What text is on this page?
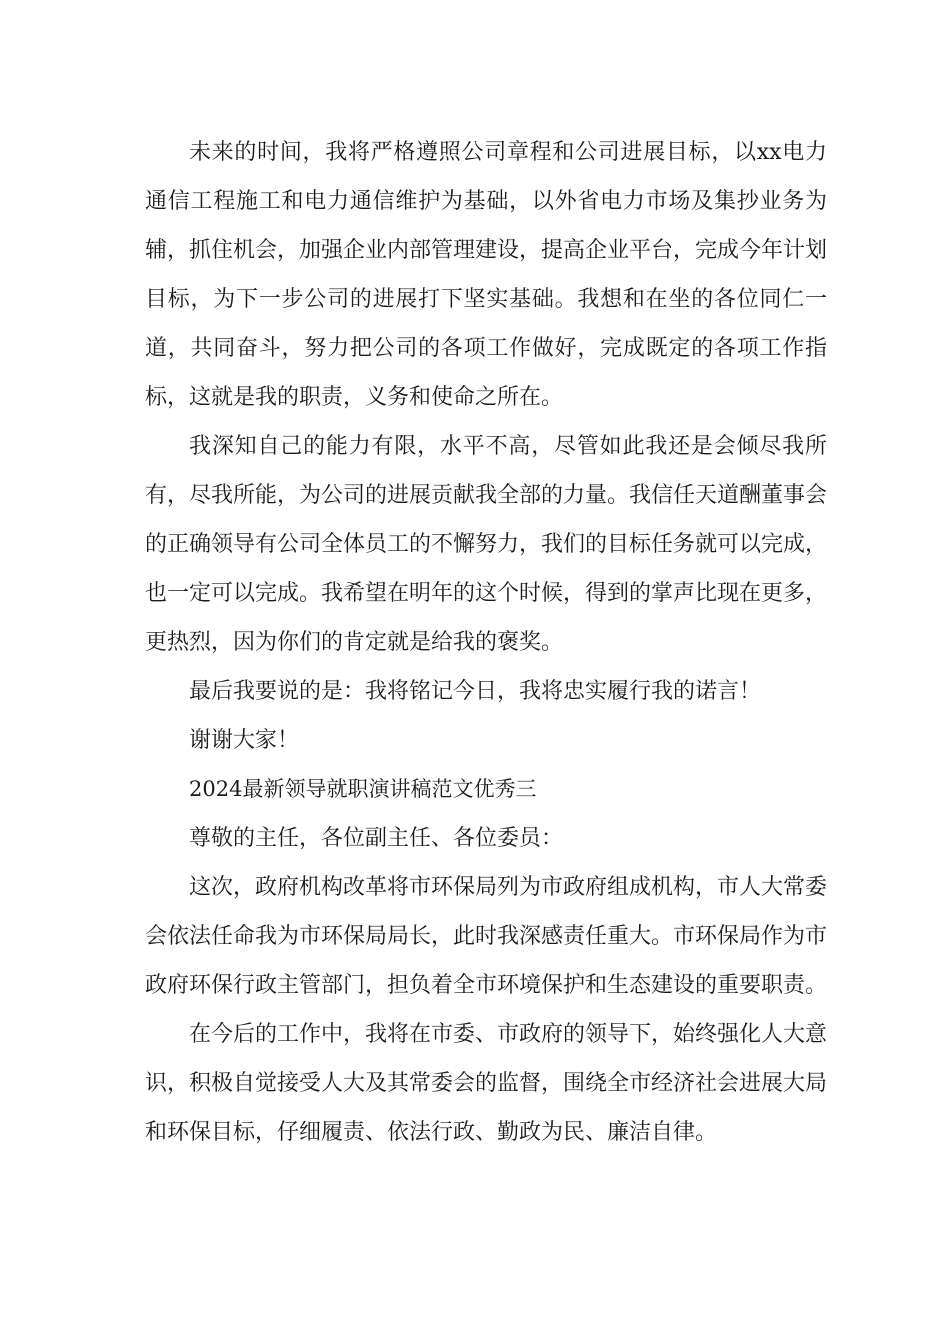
未来的时间，我将严格遵照公司章程和公司进展目标，以xx电力通信工程施工和电力通信维护为基础，以外省电力市场及集抄业务为辅，抓住机会，加强企业内部管理建设，提高企业平台，完成今年计划目标，为下一步公司的进展打下坚实基础。我想和在坐的各位同仁一道，共同奋斗，努力把公司的各项工作做好，完成既定的各项工作指标，这就是我的职责，义务和使命之所在。

我深知自己的能力有限，水平不高，尽管如此我还是会倾尽我所有，尽我所能，为公司的进展贡献我全部的力量。我信任天道酬董事会的正确领导有公司全体员工的不懈努力，我们的目标任务就可以完成，也一定可以完成。我希望在明年的这个时候，得到的掌声比现在更多，更热烈，因为你们的肯定就是给我的褒奖。

最后我要说的是：我将铭记今日，我将忠实履行我的诺言！

谢谢大家！

2024最新领导就职演讲稿范文优秀三

尊敬的主任，各位副主任、各位委员：

这次，政府机构改革将市环保局列为市政府组成机构，市人大常委会依法任命我为市环保局局长，此时我深感责任重大。市环保局作为市政府环保行政主管部门，担负着全市环境保护和生态建设的重要职责。

在今后的工作中，我将在市委、市政府的领导下，始终强化人大意识，积极自觉接受人大及其常委会的监督，围绕全市经济社会进展大局和环保目标，仔细履责、依法行政、勤政为民、廉洁自律。
